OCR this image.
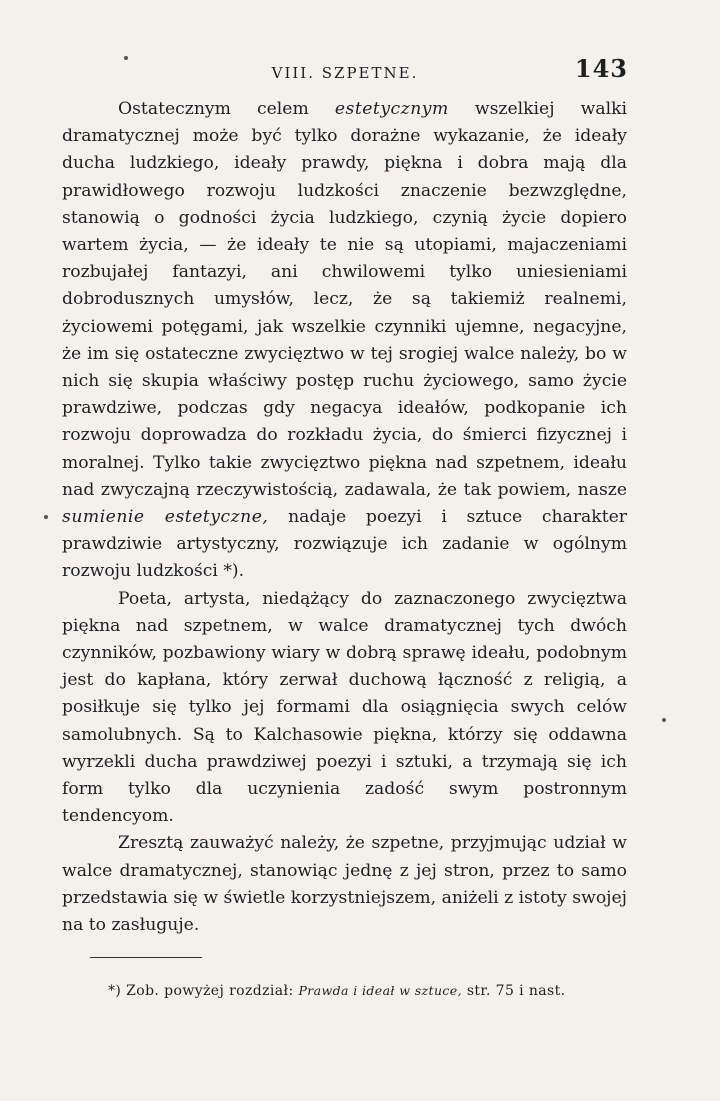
VIII. SZPETNE.	143

Ostatecznym celem estetycznym wszelkiej walki dramatycznej może być tylko dorażne wykazanie, że ideały ducha ludzkiego, ideały prawdy, piękna i dobra mają dla prawidłowego rozwoju ludzkości znaczenie bezwzględne, stanowią o godności życia ludzkiego, czynią życie dopiero wartem życia, — że ideały te nie są utopiami, majaczeniami rozbujałej fantazyi, ani chwilowemi tylko uniesieniami dobrodusznych umysłów, lecz, że są takiemiż realnemi, życiowemi potęgami, jak wszelkie czynniki ujemne, negacyjne, że im się ostateczne zwycięztwo w tej srogiej walce należy, bo w nich się skupia właściwy postęp ruchu życiowego, samo życie prawdziwe, podczas gdy negacya ideałów, podkopanie ich rozwoju doprowadza do rozkładu życia, do śmierci fizycznej i moralnej. Tylko takie zwycięztwo piękna nad szpetnem, ideału nad zwyczajną rzeczywistością, zadawala, że tak powiem, nasze sumienie estetyczne, nadaje poezyi i sztuce charakter prawdziwie artystyczny, rozwiązuje ich zadanie w ogólnym rozwoju ludzkości *).

Poeta, artysta, niedążący do zaznaczonego zwycięztwa piękna nad szpetnem, w walce dramatycznej tych dwóch czynników, pozbawiony wiary w dobrą sprawę ideału, podobnym jest do kapłana, który zerwał duchową łączność z religią, a posiłkuje się tylko jej formami dla osiągnięcia swych celów samolubnych. Są to Kalchasowie piękna, którzy się oddawna wyrzekli ducha prawdziwej poezyi i sztuki, a trzymają się ich form tylko dla uczynienia zadość swym postronnym tendencyom.

Zresztą zauważyć należy, że szpetne, przyjmując udział w walce dramatycznej, stanowiąc jednę z jej stron, przez to samo przedstawia się w świetle korzystniejszem, aniżeli z istoty swojej na to zasługuje.

*) Zob. powyżej rozdział: Prawda i ideał w sztuce, str. 75 i nast.
